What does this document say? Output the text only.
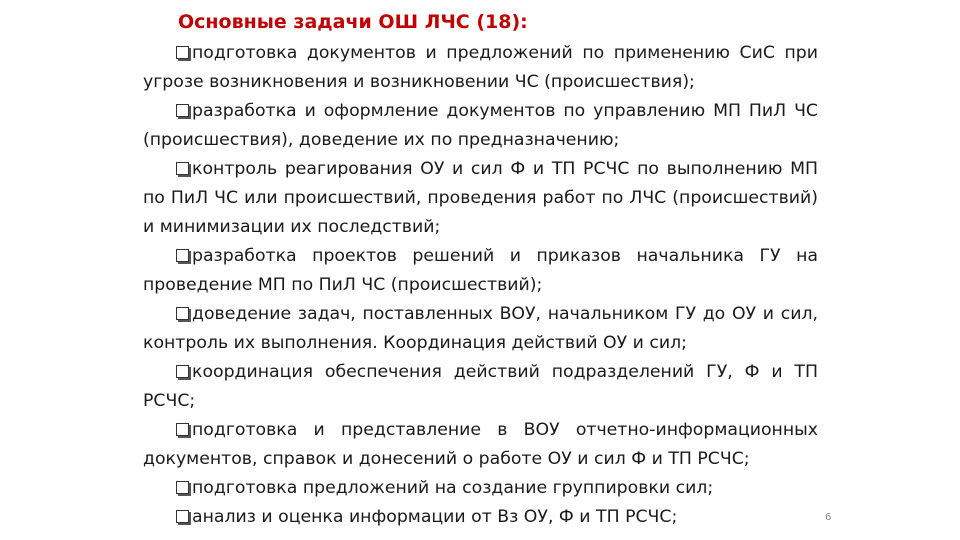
Основные задачи ОШ ЛЧС (18):

подготовка документов и предложений по применению СиС при угрозе возникновения и возникновении ЧС (происшествия);

разработка и оформление документов по управлению МП ПиЛ ЧС (происшествия), доведение их по предназначению;

контроль реагирования ОУ и сил Ф и ТП РСЧС по выполнению МП по ПиЛ ЧС или происшествий, проведения работ по ЛЧС (происшествий) и минимизации их последствий;

разработка проектов решений и приказов начальника ГУ на проведение МП по ПиЛ ЧС (происшествий);

доведение задач, поставленных ВОУ, начальником ГУ до ОУ и сил, контроль их выполнения. Координация действий ОУ и сил;

координация обеспечения действий подразделений ГУ, Ф и ТП РСЧС;

подготовка и представление в ВОУ отчетно-информационных документов, справок и донесений о работе ОУ и сил Ф и ТП РСЧС;

подготовка предложений на создание группировки сил;

анализ и оценка информации от Вз ОУ, Ф и ТП РСЧС;	6
